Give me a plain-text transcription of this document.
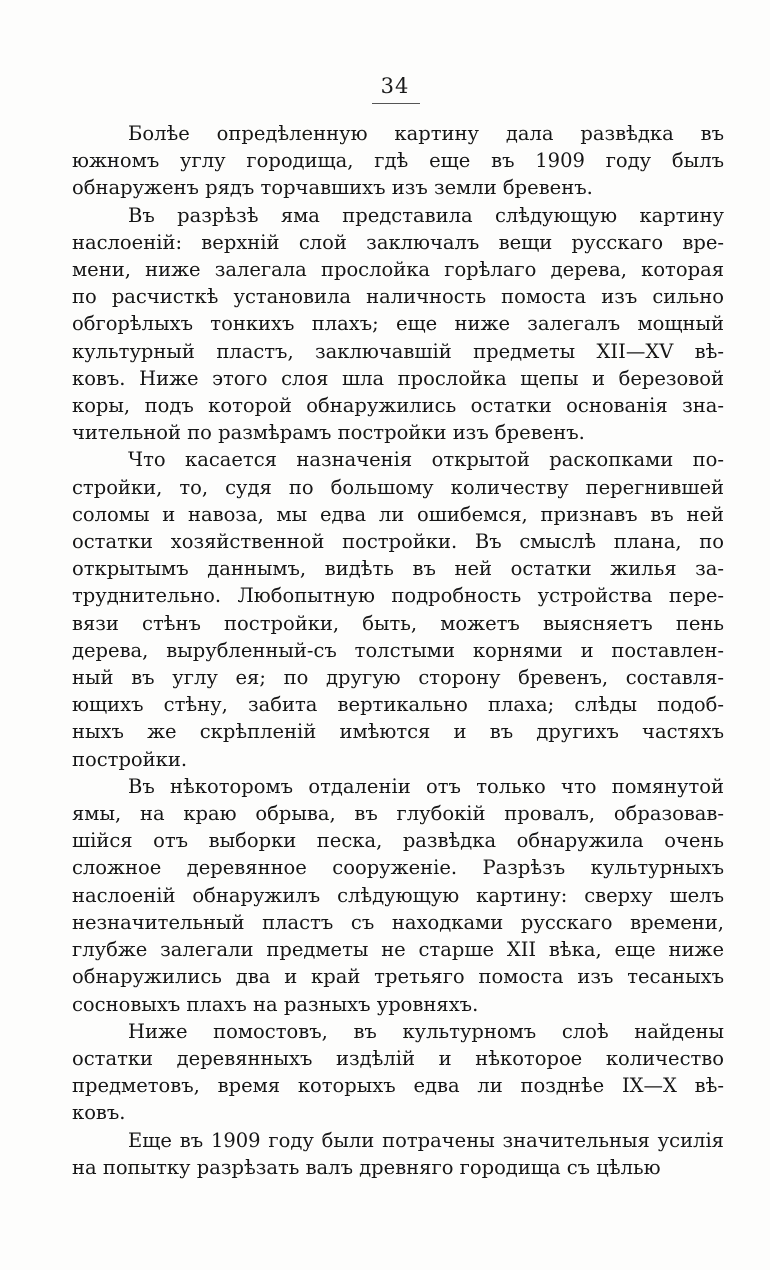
34
Болѣе опредѣленную картину дала развѣдка въ
южномъ углу городища, гдѣ еще въ 1909 году былъ
обнаруженъ рядъ торчавшихъ изъ земли бревенъ.
Въ разрѣзѣ яма представила слѣдующую картину
наслоеній: верхній слой заключалъ вещи русскаго вре-
мени, ниже залегала прослойка горѣлаго дерева, которая
по расчисткѣ установила наличность помоста изъ сильно
обгорѣлыхъ тонкихъ плахъ; еще ниже залегалъ мощный
культурный пластъ, заключавшій предметы XII—XV вѣ-
ковъ. Ниже этого слоя шла прослойка щепы и березовой
коры, подъ которой обнаружились остатки основанія зна-
чительной по размѣрамъ постройки изъ бревенъ.
Что касается назначенія открытой раскопками по-
стройки, то, судя по большому количеству перегнившей
соломы и навоза, мы едва ли ошибемся, признавъ въ ней
остатки хозяйственной постройки. Въ смыслѣ плана, по
открытымъ даннымъ, видѣть въ ней остатки жилья за-
труднительно. Любопытную подробность устройства пере-
вязи стѣнъ постройки, быть, можетъ выясняетъ пень
дерева, вырубленный-съ толстыми корнями и поставлен-
ный въ углу ея; по другую сторону бревенъ, составля-
ющихъ стѣну, забита вертикально плаха; слѣды подоб-
ныхъ же скрѣпленій имѣются и въ другихъ частяхъ
постройки.
Въ нѣкоторомъ отдаленіи отъ только что помянутой
ямы, на краю обрыва, въ глубокій провалъ, образовав-
шійся отъ выборки песка, развѣдка обнаружила очень
сложное деревянное сооруженіе. Разрѣзъ культурныхъ
наслоеній обнаружилъ слѣдующую картину: сверху шелъ
незначительный пластъ съ находками русскаго времени,
глубже залегали предметы не старше XII вѣка, еще ниже
обнаружились два и край третьяго помоста изъ тесаныхъ
сосновыхъ плахъ на разныхъ уровняхъ.
Ниже помостовъ, въ культурномъ слоѣ найдены
остатки деревянныхъ издѣлій и нѣкоторое количество
предметовъ, время которыхъ едва ли позднѣе IX—X вѣ-
ковъ.
Еще въ 1909 году были потрачены значительныя усилія
на попытку разрѣзать валъ древняго городища съ цѣлью
